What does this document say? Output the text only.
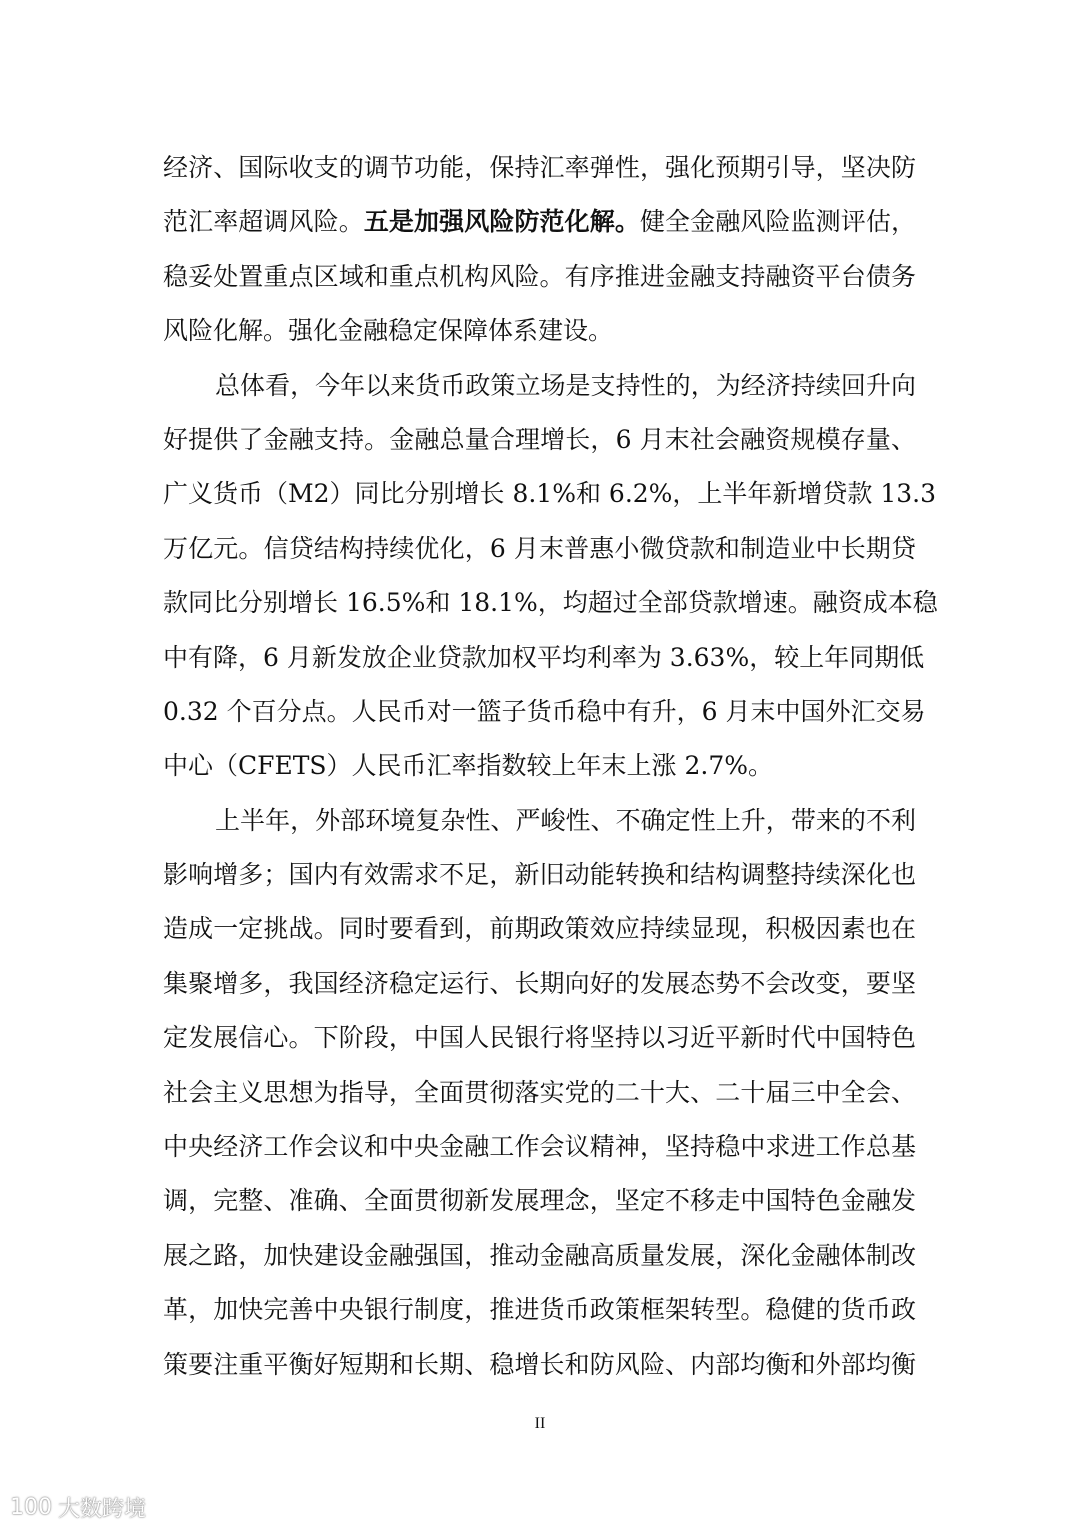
经济、国际收支的调节功能，保持汇率弹性，强化预期引导，坚决防
范汇率超调风险。五是加强风险防范化解。健全金融风险监测评估，
稳妥处置重点区域和重点机构风险。有序推进金融支持融资平台债务
风险化解。强化金融稳定保障体系建设。
总体看，今年以来货币政策立场是支持性的，为经济持续回升向
好提供了金融支持。金融总量合理增长，6 月末社会融资规模存量、
广义货币（M2）同比分别增长 8.1%和 6.2%，上半年新增贷款 13.3
万亿元。信贷结构持续优化，6 月末普惠小微贷款和制造业中长期贷
款同比分别增长 16.5%和 18.1%，均超过全部贷款增速。融资成本稳
中有降，6 月新发放企业贷款加权平均利率为 3.63%，较上年同期低
0.32 个百分点。人民币对一篮子货币稳中有升，6 月末中国外汇交易
中心（CFETS）人民币汇率指数较上年末上涨 2.7%。
上半年，外部环境复杂性、严峻性、不确定性上升，带来的不利
影响增多；国内有效需求不足，新旧动能转换和结构调整持续深化也
造成一定挑战。同时要看到，前期政策效应持续显现，积极因素也在
集聚增多，我国经济稳定运行、长期向好的发展态势不会改变，要坚
定发展信心。下阶段，中国人民银行将坚持以习近平新时代中国特色
社会主义思想为指导，全面贯彻落实党的二十大、二十届三中全会、
中央经济工作会议和中央金融工作会议精神，坚持稳中求进工作总基
调，完整、准确、全面贯彻新发展理念，坚定不移走中国特色金融发
展之路，加快建设金融强国，推动金融高质量发展，深化金融体制改
革，加快完善中央银行制度，推进货币政策框架转型。稳健的货币政
策要注重平衡好短期和长期、稳增长和防风险、内部均衡和外部均衡
II
100 大数跨境
